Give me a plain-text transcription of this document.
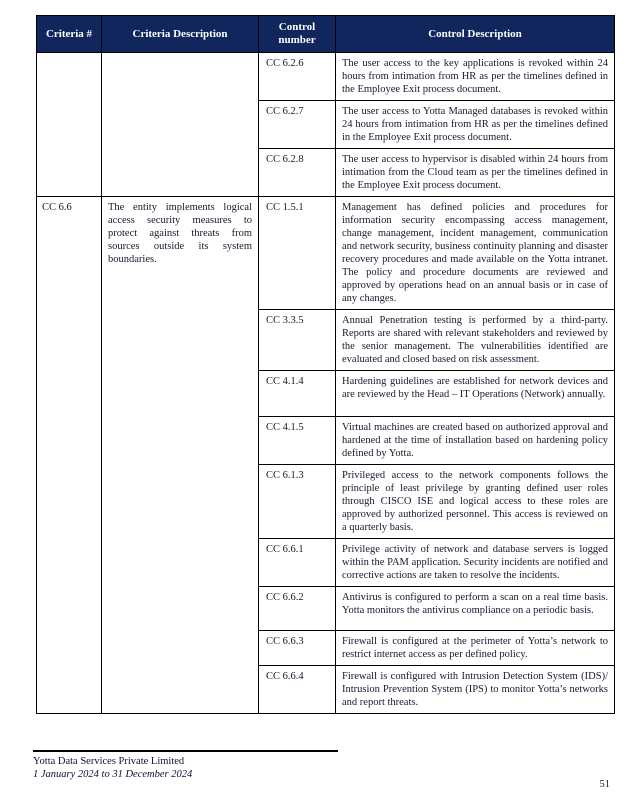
Criteria #	Criteria Description	Control number	Control Description
		CC 6.2.6	The user access to the key applications is revoked within 24 hours from intimation from HR as per the timelines defined in the Employee Exit process document.
		CC 6.2.7	The user access to Yotta Managed databases is revoked within 24 hours from intimation from HR as per the timelines defined in the Employee Exit process document.
		CC 6.2.8	The user access to hypervisor is disabled within 24 hours from intimation from the Cloud team as per the timelines defined in the Employee Exit process document.
CC 6.6	The entity implements logical access security measures to protect against threats from sources outside its system boundaries.	CC 1.5.1	Management has defined policies and procedures for information security encompassing access management, change management, incident management, communication and network security, business continuity planning and disaster recovery procedures and made available on the Yotta intranet. The policy and procedure documents are reviewed and approved by operations head on an annual basis or in case of any changes.
		CC 3.3.5	Annual Penetration testing is performed by a third-party. Reports are shared with relevant stakeholders and reviewed by the senior management. The vulnerabilities identified are evaluated and closed based on risk assessment.
		CC 4.1.4	Hardening guidelines are established for network devices and are reviewed by the Head – IT Operations (Network) annually.
		CC 4.1.5	Virtual machines are created based on authorized approval and hardened at the time of installation based on hardening policy defined by Yotta.
		CC 6.1.3	Privileged access to the network components follows the principle of least privilege by granting defined user roles through CISCO ISE and logical access to these roles are approved by authorized personnel. This access is reviewed on a quarterly basis.
		CC 6.6.1	Privilege activity of network and database servers is logged within the PAM application. Security incidents are notified and corrective actions are taken to resolve the incidents.
		CC 6.6.2	Antivirus is configured to perform a scan on a real time basis. Yotta monitors the antivirus compliance on a periodic basis.
		CC 6.6.3	Firewall is configured at the perimeter of Yotta’s network to restrict internet access as per defined policy.
		CC 6.6.4	Firewall is configured with Intrusion Detection System (IDS)/ Intrusion Prevention System (IPS) to monitor Yotta’s networks and report threats.
Yotta Data Services Private Limited
1 January 2024 to 31 December 2024
51
